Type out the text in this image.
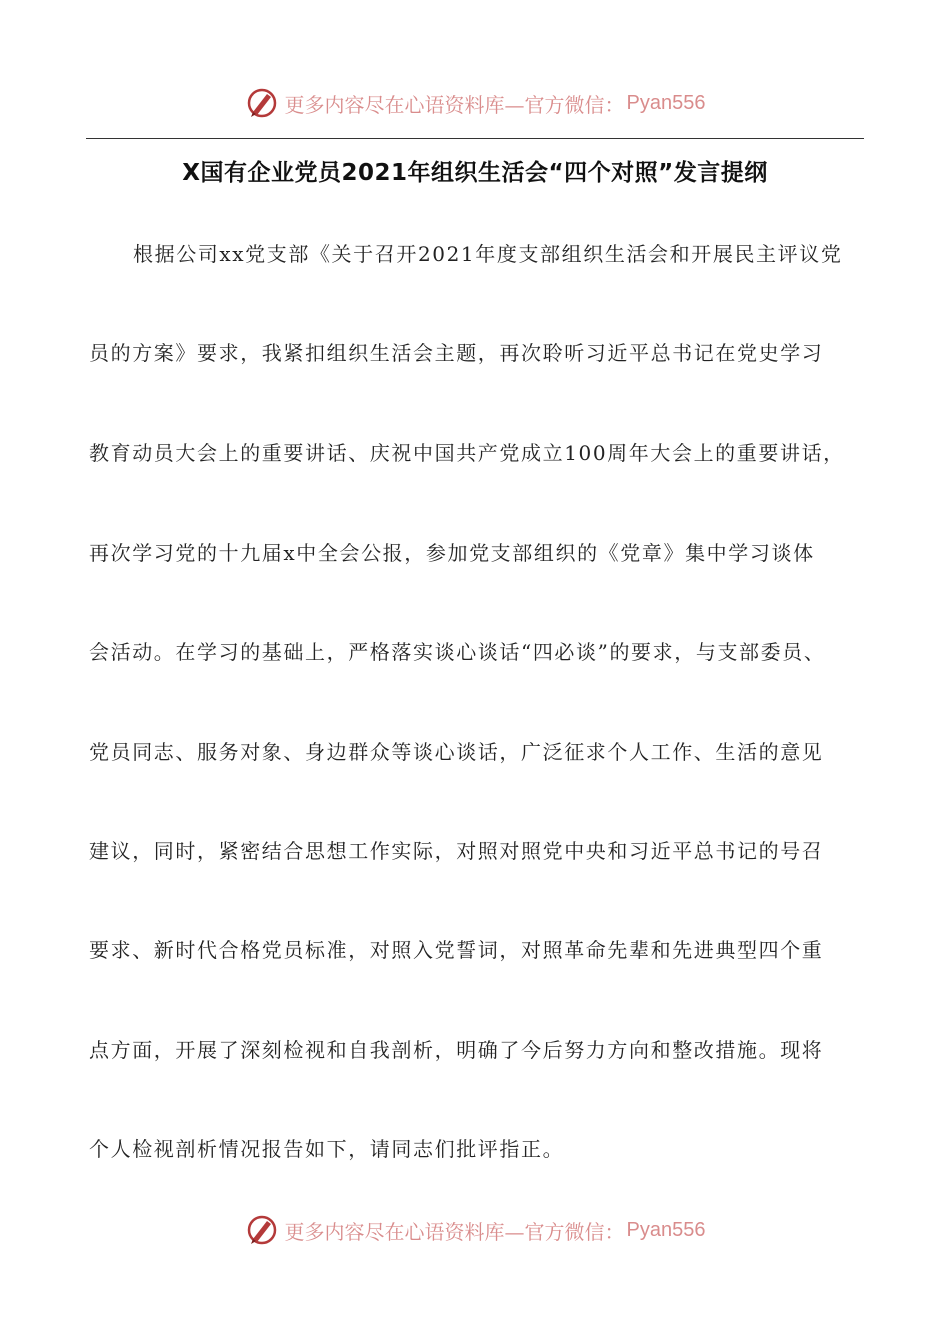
更多内容尽在心语资料库—官方微信： Pyan556
X国有企业党员2021年组织生活会“四个对照”发言提纲
根据公司xx党支部《关于召开2021年度支部组织生活会和开展民主评议党
员的方案》要求，我紧扣组织生活会主题，再次聆听习近平总书记在党史学习
教育动员大会上的重要讲话、庆祝中国共产党成立100周年大会上的重要讲话，
再次学习党的十九届x中全会公报，参加党支部组织的《党章》集中学习谈体
会活动。在学习的基础上，严格落实谈心谈话“四必谈”的要求，与支部委员、
党员同志、服务对象、身边群众等谈心谈话，广泛征求个人工作、生活的意见
建议，同时，紧密结合思想工作实际，对照对照党中央和习近平总书记的号召
要求、新时代合格党员标准，对照入党誓词，对照革命先辈和先进典型四个重
点方面，开展了深刻检视和自我剖析，明确了今后努力方向和整改措施。现将
个人检视剖析情况报告如下，请同志们批评指正。
更多内容尽在心语资料库—官方微信： Pyan556
